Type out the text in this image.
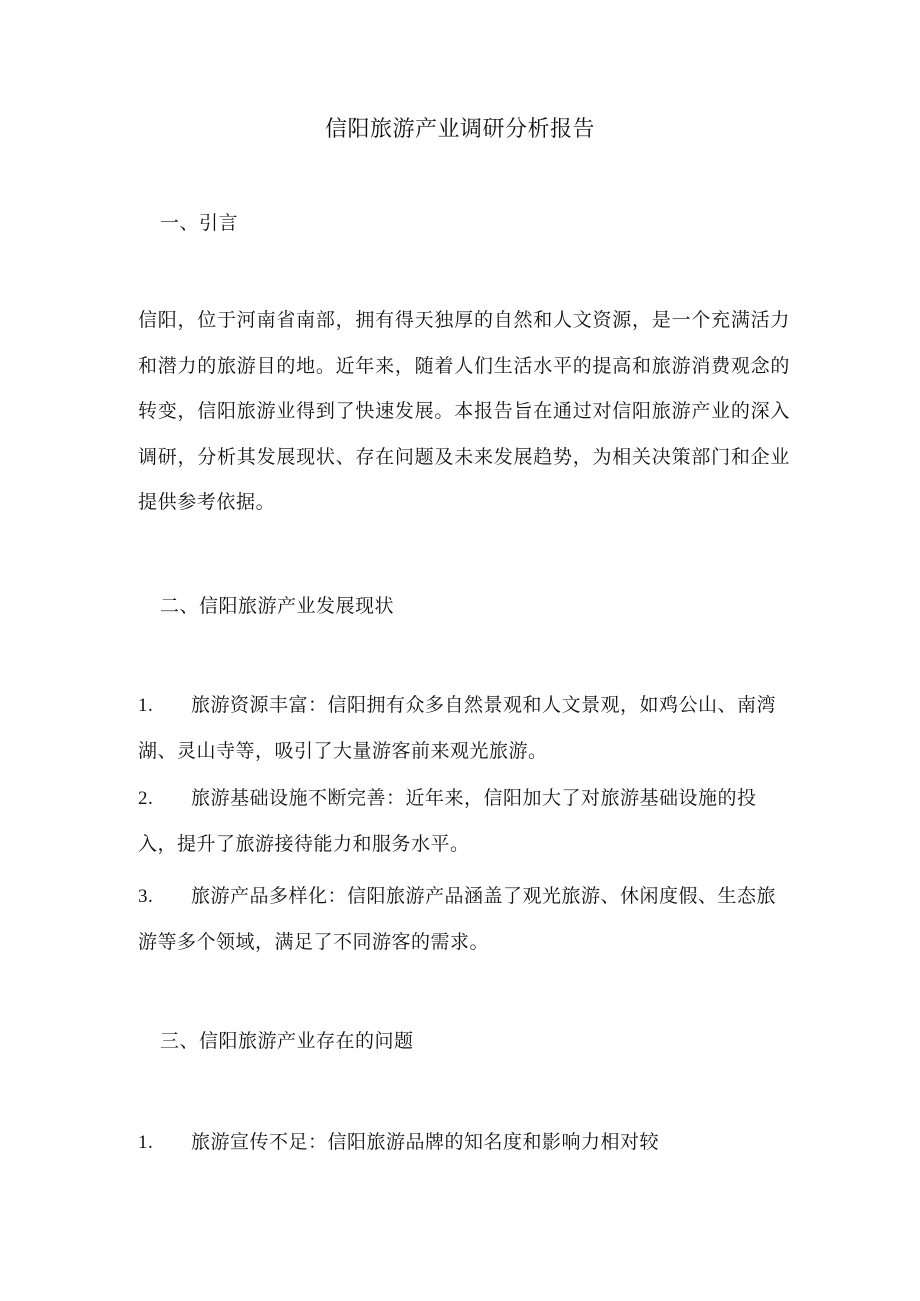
信阳旅游产业调研分析报告
一、引言
信阳，位于河南省南部，拥有得天独厚的自然和人文资源，是一个充满活力和潜力的旅游目的地。近年来，随着人们生活水平的提高和旅游消费观念的转变，信阳旅游业得到了快速发展。本报告旨在通过对信阳旅游产业的深入调研，分析其发展现状、存在问题及未来发展趋势，为相关决策部门和企业提供参考依据。
二、信阳旅游产业发展现状
1. 旅游资源丰富：信阳拥有众多自然景观和人文景观，如鸡公山、南湾湖、灵山寺等，吸引了大量游客前来观光旅游。
2. 旅游基础设施不断完善：近年来，信阳加大了对旅游基础设施的投入，提升了旅游接待能力和服务水平。
3. 旅游产品多样化：信阳旅游产品涵盖了观光旅游、休闲度假、生态旅游等多个领域，满足了不同游客的需求。
三、信阳旅游产业存在的问题
1. 旅游宣传不足：信阳旅游品牌的知名度和影响力相对较
